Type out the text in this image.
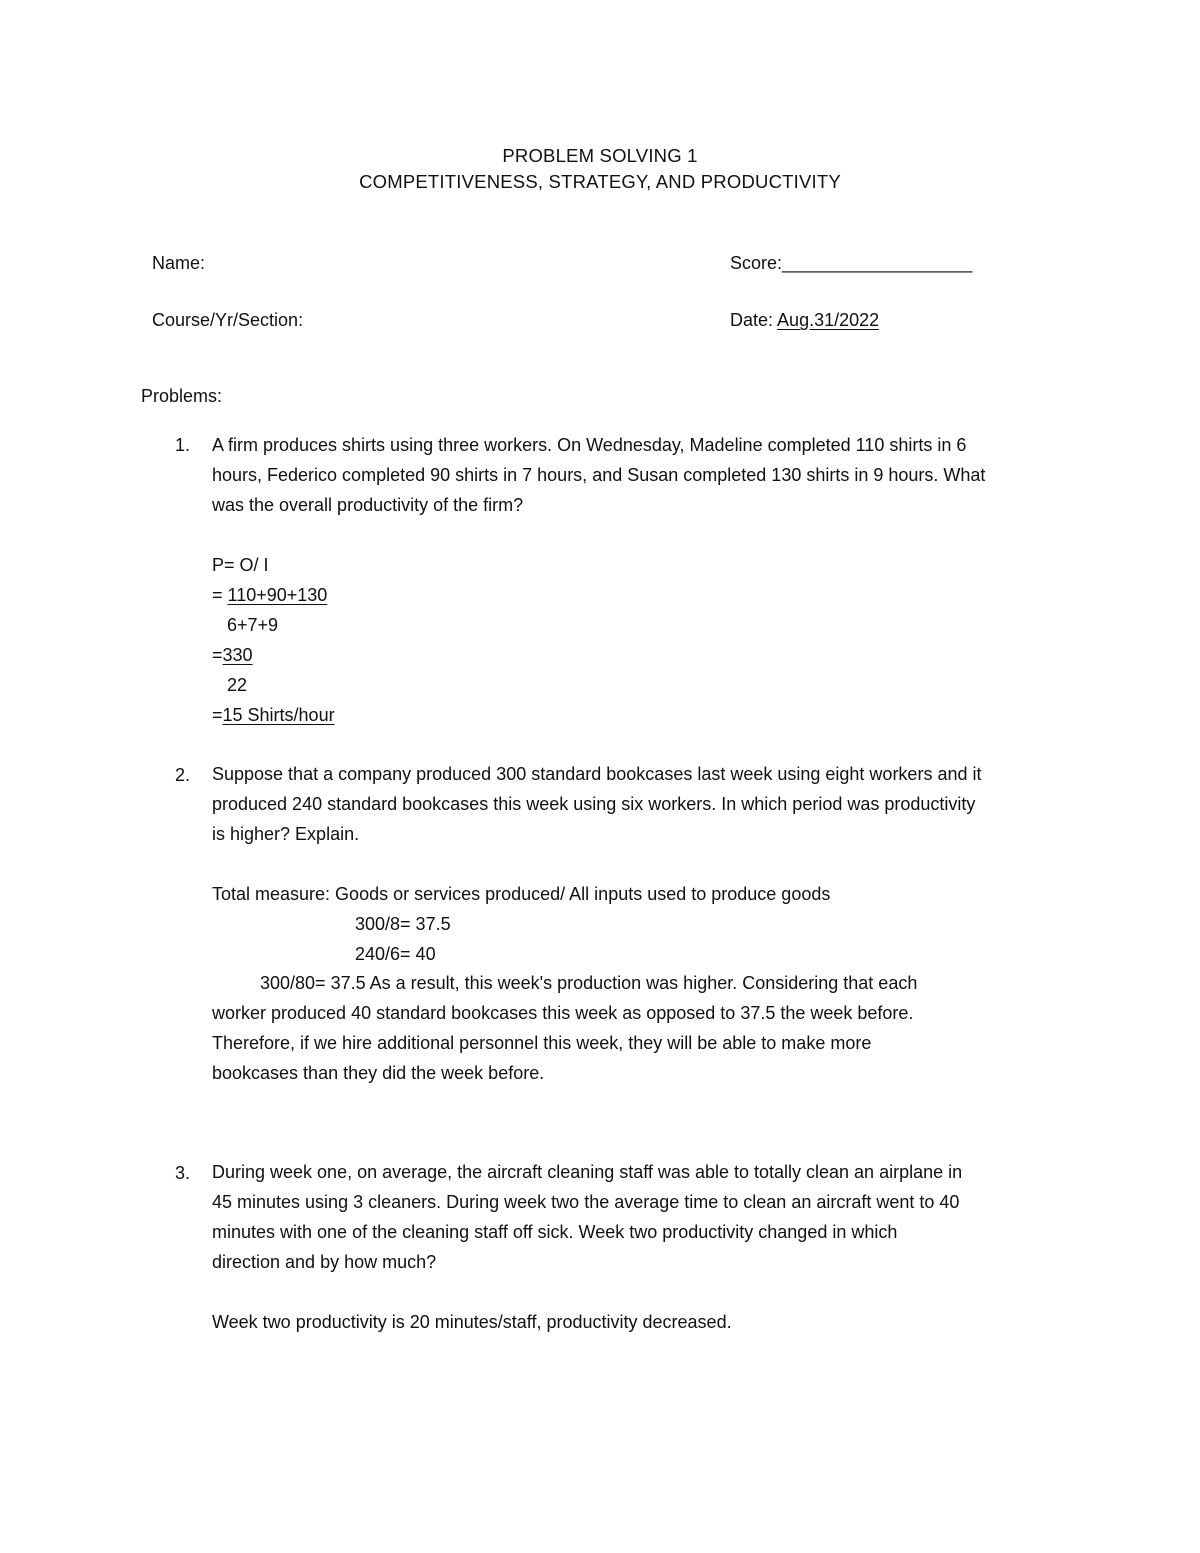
PROBLEM SOLVING 1
COMPETITIVENESS, STRATEGY, AND PRODUCTIVITY
Name:	Score:___________________
Course/Yr/Section:	Date: Aug.31/2022
Problems:
1.	A firm produces shirts using three workers. On Wednesday, Madeline completed 110 shirts in 6
hours, Federico completed 90 shirts in 7 hours, and Susan completed 130 shirts in 9 hours. What
was the overall productivity of the firm?
P= O/ I
= 110+90+130
6+7+9
=330
22
=15 Shirts/hour
2.	Suppose that a company produced 300 standard bookcases last week using eight workers and it
produced 240 standard bookcases this week using six workers. In which period was productivity
is higher? Explain.
Total measure: Goods or services produced/ All inputs used to produce goods
300/8= 37.5
240/6= 40
300/80= 37.5 As a result, this week's production was higher. Considering that each
worker produced 40 standard bookcases this week as opposed to 37.5 the week before.
Therefore, if we hire additional personnel this week, they will be able to make more
bookcases than they did the week before.
3.	During week one, on average, the aircraft cleaning staff was able to totally clean an airplane in
45 minutes using 3 cleaners. During week two the average time to clean an aircraft went to 40
minutes with one of the cleaning staff off sick. Week two productivity changed in which
direction and by how much?
Week two productivity is 20 minutes/staff, productivity decreased.
